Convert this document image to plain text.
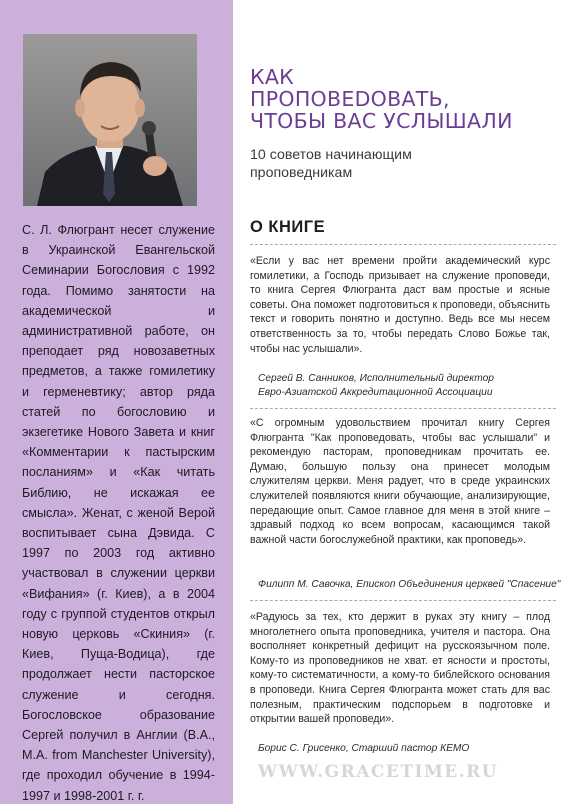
С. Л. Флюгрант несет служение в Украинской Евангельской Семинарии Богословия с 1992 года. Помимо занятости на академической и административной работе, он преподает ряд новозаветных предметов, а также гомилетику и герменевтику; автор ряда статей по богословию и экзегетике Нового Завета и книг «Комментарии к пастырским посланиям» и «Как читать Библию, не искажая ее смысла». Женат, с женой Верой воспитывает сына Дэвида. С 1997 по 2003 год активно участвовал в служении церкви «Вифания» (г. Киев), а в 2004 году с группой студентов открыл новую церковь «Скиния» (г. Киев, Пуща-Водица), где продолжает нести пасторское служение и сегодня. Богословское образование Сергей получил в Англии (B.A., M.A. from Manchester University), где проходил обучение в 1994-1997 и 1998-2001 г. г.

КАК
ПРОПОВЕDОВАТЬ,
ЧТОБЫ ВАС УСЛЫШАЛИ

10 советов начинающим проповедникам

О КНИГЕ

«Если у вас нет времени пройти академический курс гомилетики, а Господь призывает на служение проповеди, то книга Сергея Флюгранта даст вам простые и ясные советы. Она поможет подготовиться к проповеди, объяснить текст и говорить понятно и доступно. Ведь все мы несем ответственность за то, чтобы передать Слово Божье так, чтобы нас услышали».

Сергей В. Санников, Исполнительный директор
Евро-Азиатской Аккредитационной Ассоциации

«С огромным удовольствием прочитал книгу Сергея Флюгранта "Как проповедовать, чтобы вас услышали" и рекомендую пасторам, проповедникам прочитать ее. Думаю, большую пользу она принесет молодым служителям церкви. Меня радует, что в среде украинских служителей появляются книги обучающие, анализирующие, передающие опыт. Самое главное для меня в этой книге – здравый подход ко всем вопросам, касающимся такой важной части богослужебной практики, как проповедь».

Филипп М. Савочка, Епископ Объединения церквей "Спасение"

«Радуюсь за тех, кто держит в руках эту книгу – плод многолетнего опыта проповедника, учителя и пастора. Она восполняет конкретный дефицит на русскоязычном поле. Кому-то из проповедников не хват. ет ясности и простоты, кому-то систематичности, а кому-то библейского основания в проповеди. Книга Сергея Флюгранта может стать для вас полезным, практическим подспорьем в подготовке и открытии вашей проповеди».

Борис С. Грисенко, Старший пастор КЕМО

WWW.GRACETIME.RU
